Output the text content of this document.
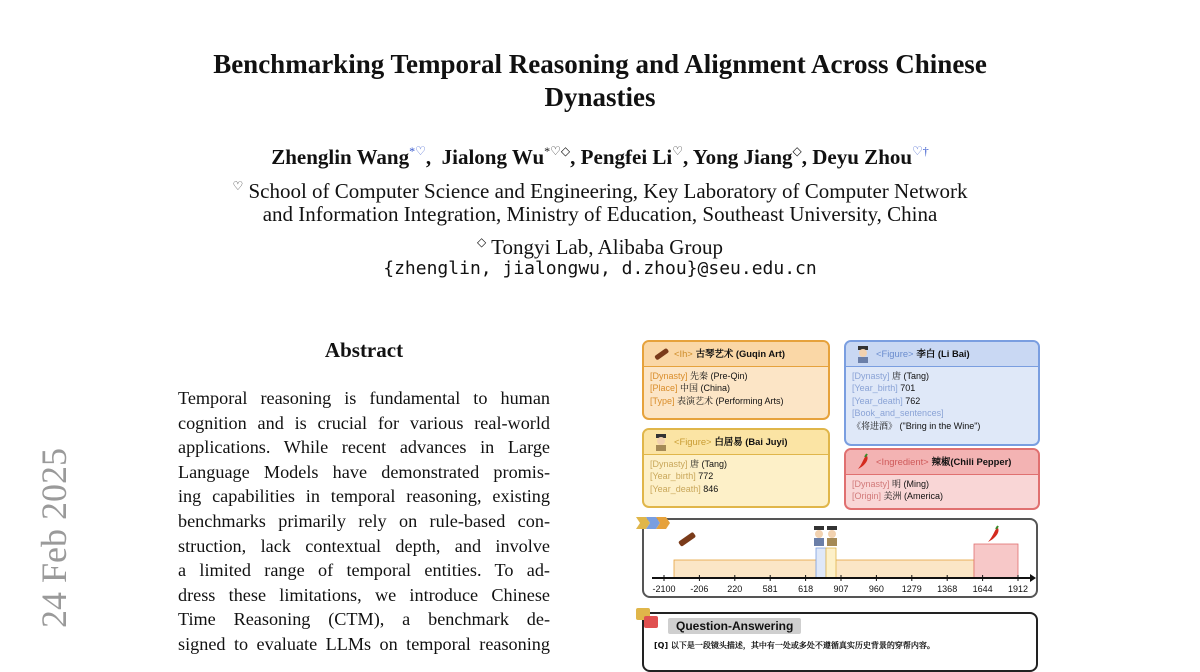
24 Feb 2025
Benchmarking Temporal Reasoning and Alignment Across Chinese
Dynasties
Zhenglin Wang*♡,  Jialong Wu*♡◇, Pengfei Li♡, Yong Jiang◇, Deyu Zhou♡†
♡ School of Computer Science and Engineering, Key Laboratory of Computer Network
and Information Integration, Ministry of Education, Southeast University, China
◇ Tongyi Lab, Alibaba Group
{zhenglin, jialongwu, d.zhou}@seu.edu.cn
Abstract
Temporal reasoning is fundamental to human
cognition and is crucial for various real-world
applications. While recent advances in Large
Language Models have demonstrated promis-
ing capabilities in temporal reasoning, existing
benchmarks primarily rely on rule-based con-
struction, lack contextual depth, and involve
a limited range of temporal entities. To ad-
dress these limitations, we introduce Chinese
Time Reasoning (CTM), a benchmark de-
signed to evaluate LLMs on temporal reasoning
<Ih> 古琴艺术 (Guqin Art)
[Dynasty] 先秦 (Pre-Qin)
[Place] 中国 (China)
[Type] 表演艺术 (Performing Arts)
<Figure> 李白 (Li Bai)
[Dynasty] 唐 (Tang)
[Year_birth] 701
[Year_death] 762
[Book_and_sentences]
《将进酒》 ("Bring in the Wine")
<Figure> 白居易 (Bai Juyi)
[Dynasty] 唐 (Tang)
[Year_birth] 772
[Year_death] 846
<Ingredient> 辣椒(Chili Pepper)
[Dynasty] 明 (Ming)
[Origin] 美洲 (America)
-2100 -206 220 581 618 907 960 1279 1368 1644 1912
Question-Answering
[Q] 以下是一段镜头描述，其中有一处或多处不遵循真实历史背景的穿帮内容。
